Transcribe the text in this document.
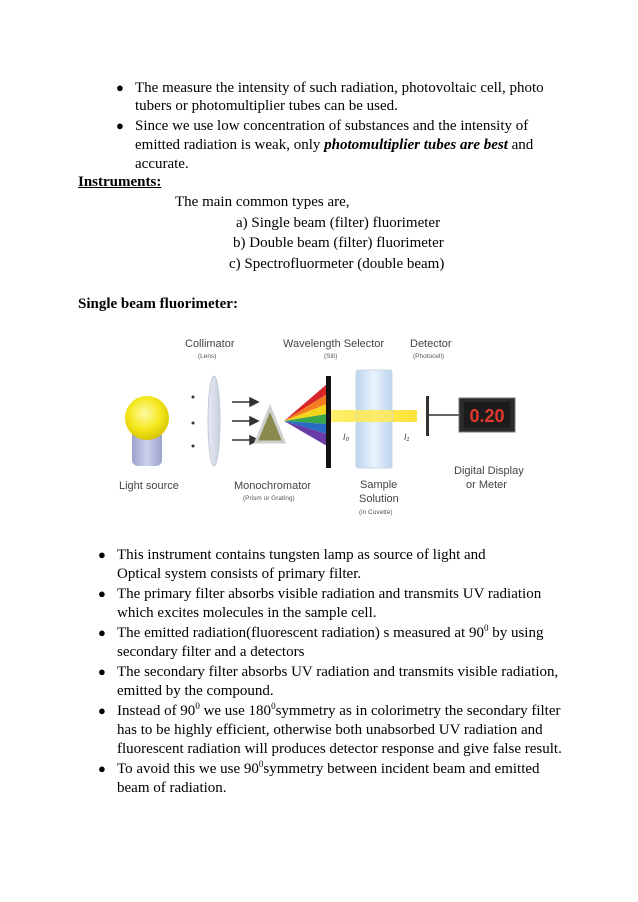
● The measure the intensity of such radiation, photovoltaic cell, photo
tubers or photomultiplier tubes can be used.
● Since we use low concentration of substances and the intensity of
emitted radiation is weak, only photomultiplier tubes are best and
accurate.
Instruments:
The main common types are,
a) Single beam (filter) fluorimeter
b) Double beam (filter) fluorimeter
c) Spectrofluormeter (double beam)
Single beam fluorimeter:
Collimator
(Lens)
Wavelength Selector
(Slit)
Detector
(Photocell)
I₀	I₁
0.20
Light source	Monochromator
(Prism or Grating)
Sample
Solution
(in Cuvette)
Digital Display
or Meter
● This instrument contains tungsten lamp as source of light and
Optical system consists of primary filter.
● The primary filter absorbs visible radiation and transmits UV radiation
which excites molecules in the sample cell.
● The emitted radiation(fluorescent radiation) s measured at $90^0$ by using
secondary filter and a detectors
● The secondary filter absorbs UV radiation and transmits visible radiation,
emitted by the compound.
● Instead of $90^0$ we use $180^0symmetry$ as in colorimetry the secondary filter
has to be highly efficient, otherwise both unabsorbed UV radiation and
fluorescent radiation will produces detector response and give false result.
● To avoid this we use $90^0symmetry$ between incident beam and emitted
beam of radiation.
